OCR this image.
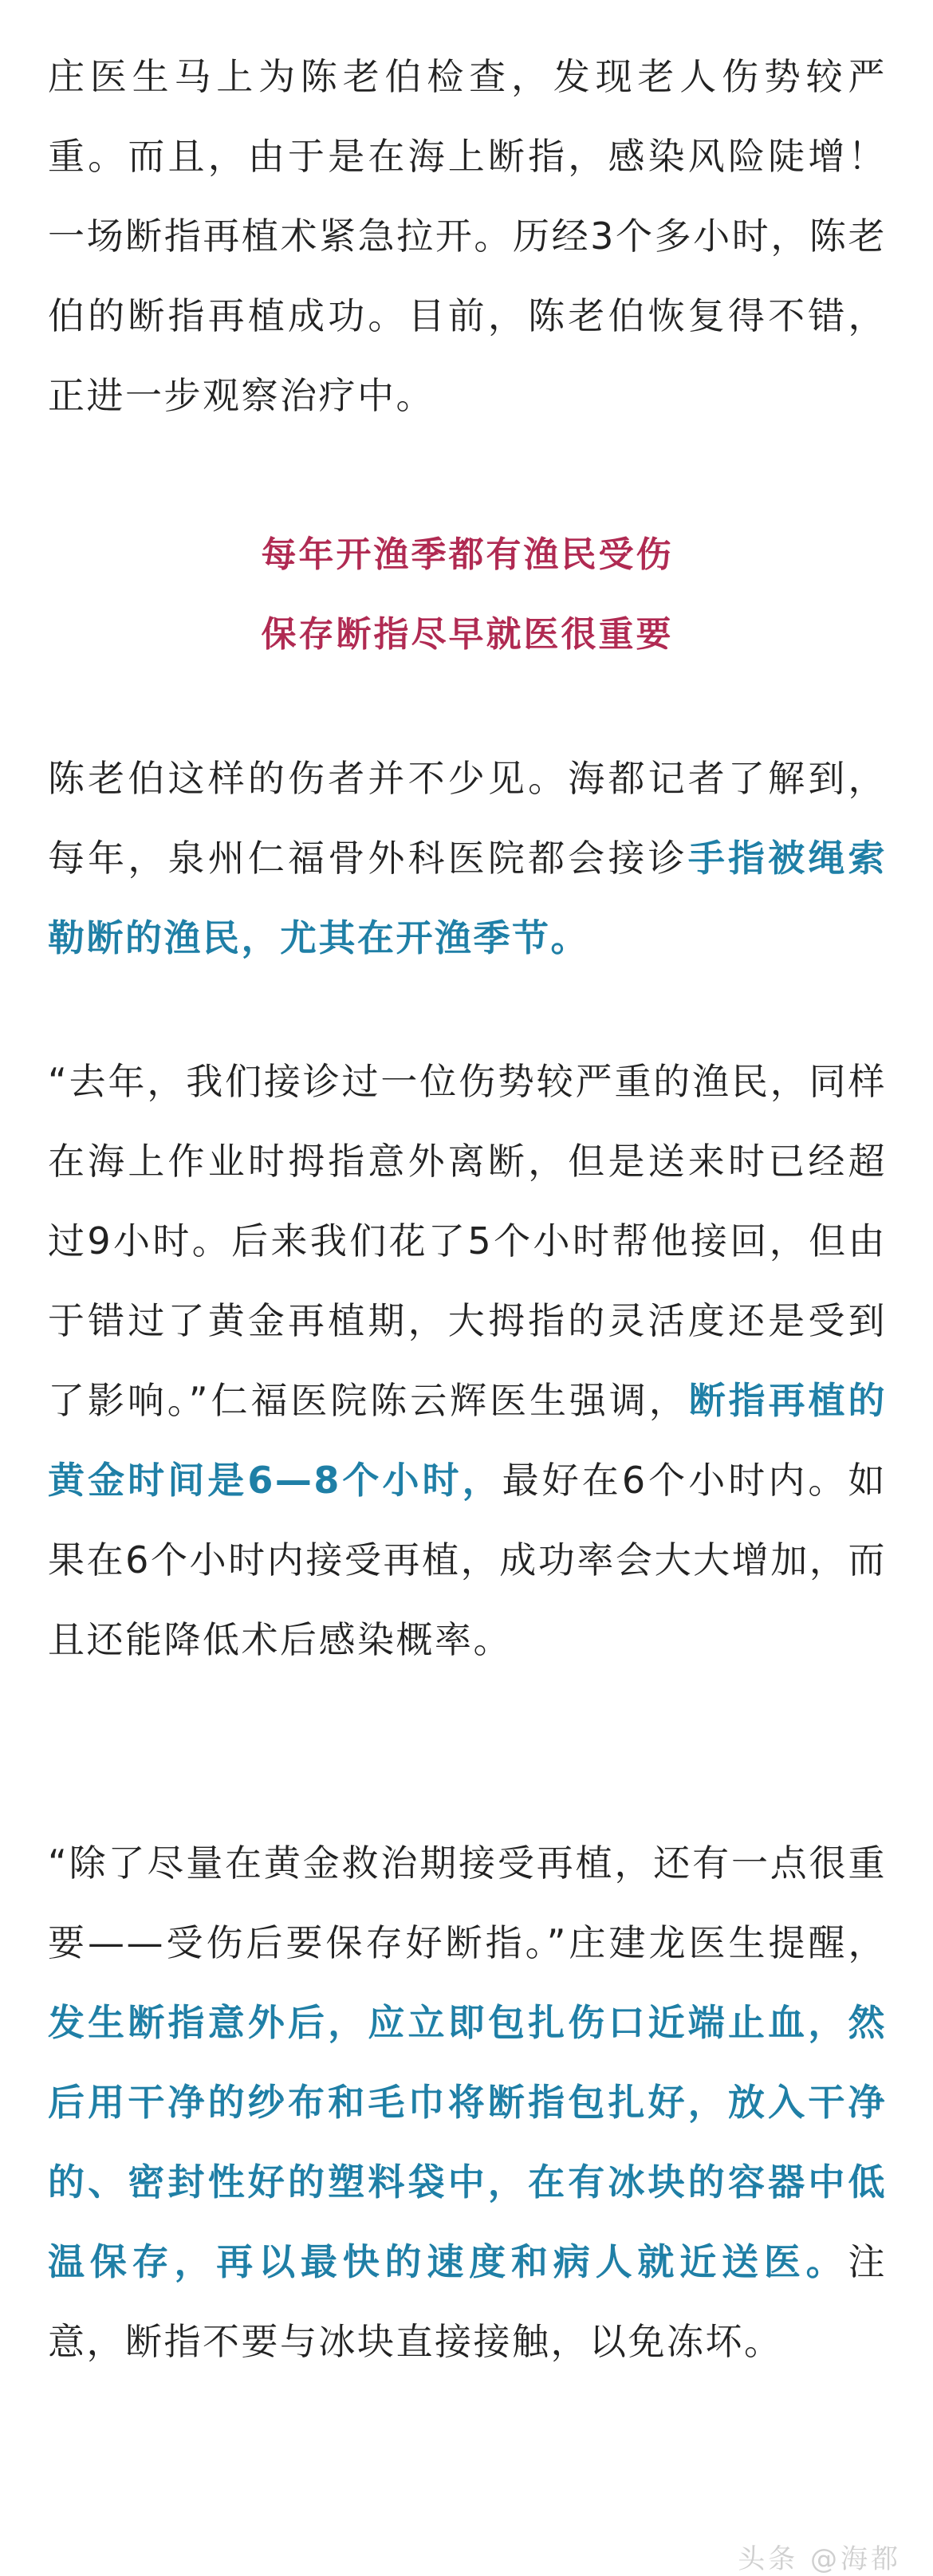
庄医生马上为陈老伯检查，发现老人伤势较严重。而且，由于是在海上断指，感染风险陡增！一场断指再植术紧急拉开。历经3个多小时，陈老伯的断指再植成功。目前，陈老伯恢复得不错，正进一步观察治疗中。

每年开渔季都有渔民受伤

保存断指尽早就医很重要

陈老伯这样的伤者并不少见。海都记者了解到，每年，泉州仁福骨外科医院都会接诊手指被绳索勒断的渔民，尤其在开渔季节。

“去年，我们接诊过一位伤势较严重的渔民，同样在海上作业时拇指意外离断，但是送来时已经超过9小时。后来我们花了5个小时帮他接回，但由于错过了黄金再植期，大拇指的灵活度还是受到了影响。”仁福医院陈云辉医生强调，断指再植的黄金时间是6—8个小时，最好在6个小时内。如果在6个小时内接受再植，成功率会大大增加，而且还能降低术后感染概率。

“除了尽量在黄金救治期接受再植，还有一点很重要——受伤后要保存好断指。”庄建龙医生提醒，发生断指意外后，应立即包扎伤口近端止血，然后用干净的纱布和毛巾将断指包扎好，放入干净的、密封性好的塑料袋中，在有冰块的容器中低温保存，再以最快的速度和病人就近送医。注意，断指不要与冰块直接接触，以免冻坏。

头条 @海都
